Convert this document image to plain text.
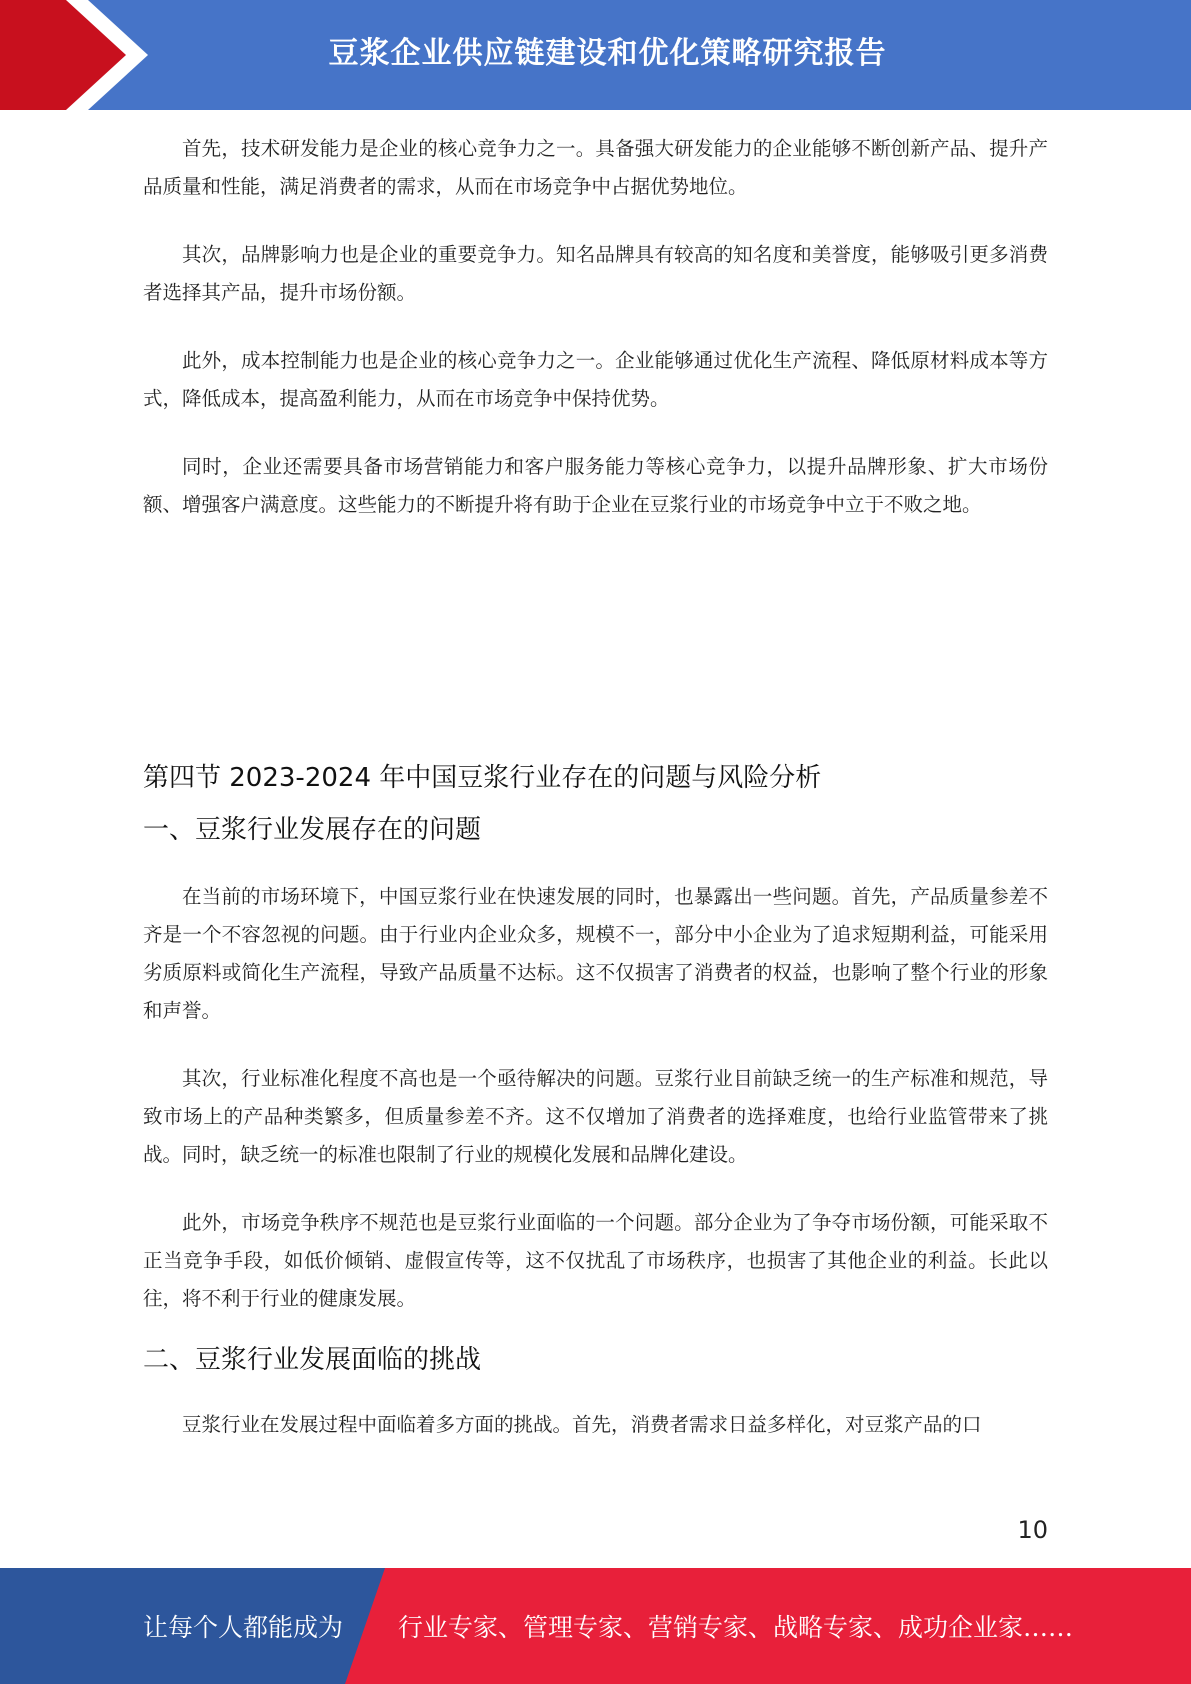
豆浆企业供应链建设和优化策略研究报告

首先，技术研发能力是企业的核心竞争力之一。具备强大研发能力的企业能够不断创新产品、提升产品质量和性能，满足消费者的需求，从而在市场竞争中占据优势地位。

其次，品牌影响力也是企业的重要竞争力。知名品牌具有较高的知名度和美誉度，能够吸引更多消费者选择其产品，提升市场份额。

此外，成本控制能力也是企业的核心竞争力之一。企业能够通过优化生产流程、降低原材料成本等方式，降低成本，提高盈利能力，从而在市场竞争中保持优势。

同时，企业还需要具备市场营销能力和客户服务能力等核心竞争力，以提升品牌形象、扩大市场份额、增强客户满意度。这些能力的不断提升将有助于企业在豆浆行业的市场竞争中立于不败之地。

第四节 2023-2024 年中国豆浆行业存在的问题与风险分析
一、豆浆行业发展存在的问题

在当前的市场环境下，中国豆浆行业在快速发展的同时，也暴露出一些问题。首先，产品质量参差不齐是一个不容忽视的问题。由于行业内企业众多，规模不一，部分中小企业为了追求短期利益，可能采用劣质原料或简化生产流程，导致产品质量不达标。这不仅损害了消费者的权益，也影响了整个行业的形象和声誉。

其次，行业标准化程度不高也是一个亟待解决的问题。豆浆行业目前缺乏统一的生产标准和规范，导致市场上的产品种类繁多，但质量参差不齐。这不仅增加了消费者的选择难度，也给行业监管带来了挑战。同时，缺乏统一的标准也限制了行业的规模化发展和品牌化建设。

此外，市场竞争秩序不规范也是豆浆行业面临的一个问题。部分企业为了争夺市场份额，可能采取不正当竞争手段，如低价倾销、虚假宣传等，这不仅扰乱了市场秩序，也损害了其他企业的利益。长此以往，将不利于行业的健康发展。

二、豆浆行业发展面临的挑战

豆浆行业在发展过程中面临着多方面的挑战。首先，消费者需求日益多样化，对豆浆产品的口

10
让每个人都能成为 行业专家、管理专家、营销专家、战略专家、成功企业家……
